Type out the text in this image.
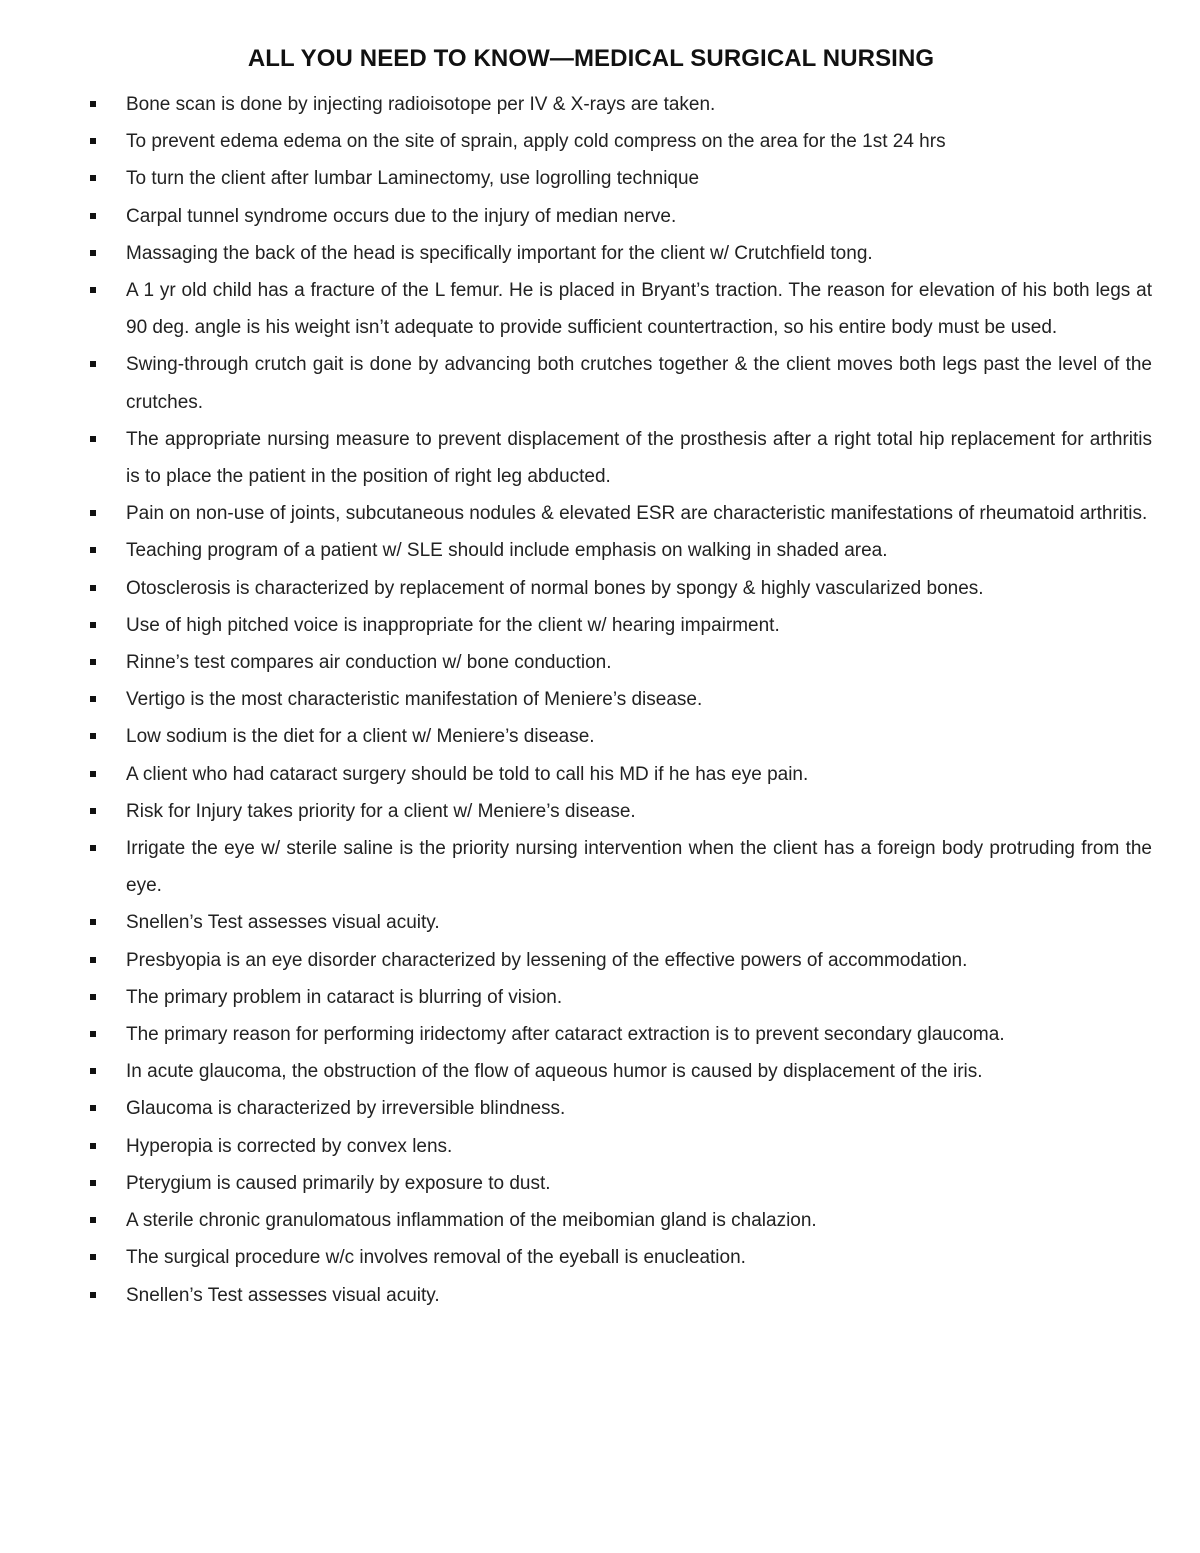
ALL YOU NEED TO KNOW—MEDICAL SURGICAL NURSING
Bone scan is done by injecting radioisotope per IV & X-rays are taken.
To prevent edema edema on the site of sprain, apply cold compress on the area for the 1st 24 hrs
To turn the client after lumbar Laminectomy, use logrolling technique
Carpal tunnel syndrome occurs due to the injury of median nerve.
Massaging the back of the head is specifically important for the client w/ Crutchfield tong.
A 1 yr old child has a fracture of the L femur. He is placed in Bryant’s traction. The reason for elevation of his both legs at 90 deg. angle is his weight isn’t adequate to provide sufficient countertraction, so his entire body must be used.
Swing-through crutch gait is done by advancing both crutches together & the client moves both legs past the level of the crutches.
The appropriate nursing measure to prevent displacement of the prosthesis after a right total hip replacement for arthritis is to place the patient in the position of right leg abducted.
Pain on non-use of joints, subcutaneous nodules & elevated ESR are characteristic manifestations of rheumatoid arthritis.
Teaching program of a patient w/ SLE should include emphasis on walking in shaded area.
Otosclerosis is characterized by replacement of normal bones by spongy & highly vascularized bones.
Use of high pitched voice is inappropriate for the client w/ hearing impairment.
Rinne’s test compares air conduction w/ bone conduction.
Vertigo is the most characteristic manifestation of Meniere’s disease.
Low sodium is the diet for a client w/ Meniere’s disease.
A client who had cataract surgery should be told to call his MD if he has eye pain.
Risk for Injury takes priority for a client w/ Meniere’s disease.
Irrigate the eye w/ sterile saline is the priority nursing intervention when the client has a foreign body protruding from the eye.
Snellen’s Test assesses visual acuity.
Presbyopia is an eye disorder characterized by lessening of the effective powers of accommodation.
The primary problem in cataract is blurring of vision.
The primary reason for performing iridectomy after cataract extraction is to prevent secondary glaucoma.
In acute glaucoma, the obstruction of the flow of aqueous humor is caused by displacement of the iris.
Glaucoma is characterized by irreversible blindness.
Hyperopia is corrected by convex lens.
Pterygium is caused primarily by exposure to dust.
A sterile chronic granulomatous inflammation of the meibomian gland is chalazion.
The surgical procedure w/c involves removal of the eyeball is enucleation.
Snellen’s Test assesses visual acuity.
